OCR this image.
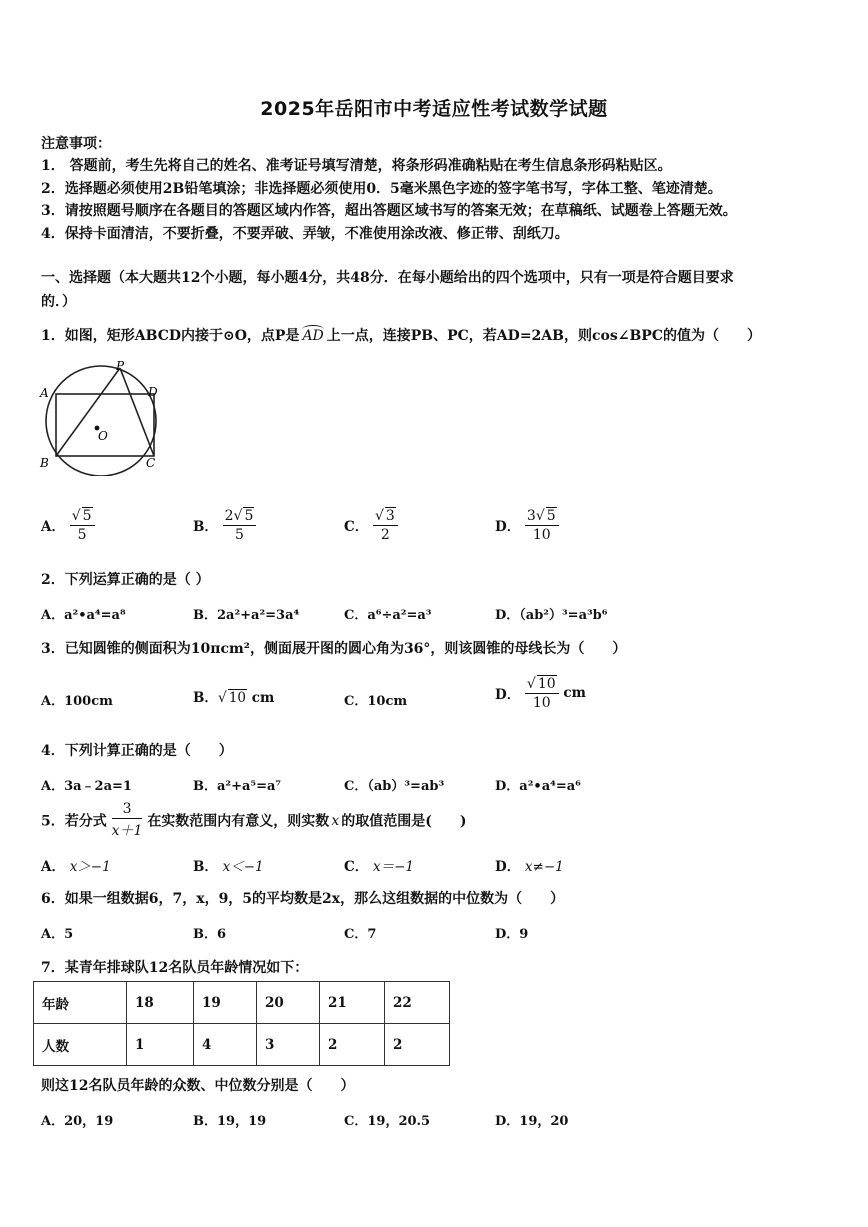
2025年岳阳市中考适应性考试数学试题
注意事项：
1． 答题前，考生先将自己的姓名、准考证号填写清楚，将条形码准确粘贴在考生信息条形码粘贴区。
2．选择题必须使用2B铅笔填涂；非选择题必须使用0．5毫米黑色字迹的签字笔书写，字体工整、笔迹清楚。
3．请按照题号顺序在各题目的答题区域内作答，超出答题区域书写的答案无效；在草稿纸、试题卷上答题无效。
4．保持卡面清洁，不要折叠，不要弄破、弄皱，不准使用涂改液、修正带、刮纸刀。
一、选择题（本大题共12个小题，每小题4分，共48分．在每小题给出的四个选项中，只有一项是符合题目要求
的．）
1．如图，矩形ABCD内接于⊙O，点P是 AD 上一点，连接PB、PC，若AD=2AB，则cos∠BPC的值为（　　）
P
A	D
O
B	C
A． $\frac{√ 5}{5}$	B． $\frac{2√ 5}{5}$	C． $\frac{√ 3}{2}$	D． $\frac{3√ 5}{10}$
2．下列运算正确的是（ ）
A．a²•a⁴=a⁸	B．2a²+a²=3a⁴	C．a⁶÷a²=a³	D．（ab²）³=a³b⁶
3．已知圆锥的侧面积为10πcm²，侧面展开图的圆心角为36°，则该圆锥的母线长为（　　）
A．100cm	B．√ 10 cm	C．10cm	D． $\frac{√ 10}{10}$ cm
4．下列计算正确的是（　　）
A．3a﹣2a=1	B．a²+a⁵=a⁷	C．（ab）³=ab³	D．a²•a⁴=a⁶
5．若分式 $\frac{3}{x+1}$ 在实数范围内有意义，则实数 x 的取值范围是(　　)
A． x＞−1	B． x＜−1	C． x＝−1	D． x≠−1
6．如果一组数据6，7，x，9，5的平均数是2x，那么这组数据的中位数为（　　）
A．5	B．6	C．7	D．9
7．某青年排球队12名队员年龄情况如下：
年龄	18	19	20	21	22
人数	1	4	3	2	2
则这12名队员年龄的众数、中位数分别是（　　）
A．20，19	B．19，19	C．19，20.5	D．19，20
